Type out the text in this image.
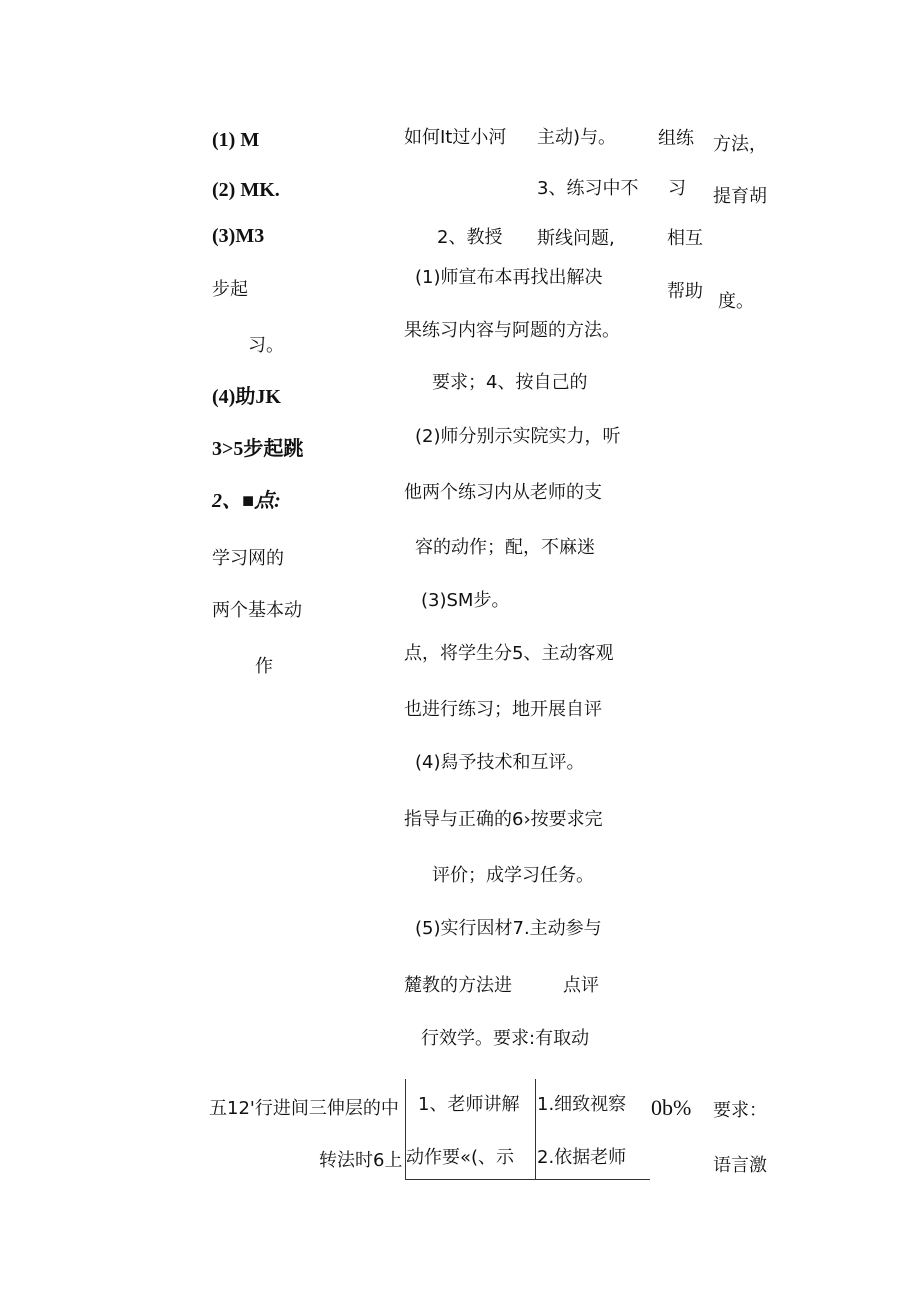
(1) M
(2) MK.
(3)M3
步起
习。
(4)助JK
3>5步起跳
2、■点:
学习网的
两个基本动
作
如何It过小河
2、教授
(1)师宣布本再找出解决
果练习内容与阿题的方法。
要求；4、按自己的
(2)师分别示实院实力，听
他两个练习内从老师的支
容的动作；配，不麻迷
(3)SM步。
点，将学生分5、主动客观
也进行练习；地开展自评
(4)舄予技术和互评。
指导与正确的6›按要求完
评价；成学习任务。
(5)实行因材7.主动参与
麓教的方法进	点评
行效学。要求:有取动
主动)与。
3、练习中不
斯线问题,
组练
习
相互
帮助
方法，
提育胡
度。
五12'行进间三伸层的中
转法时6上
1、老师讲解
动作要«(、示
1.细致视察
2.依据老师
0b% 要求：
语言激
